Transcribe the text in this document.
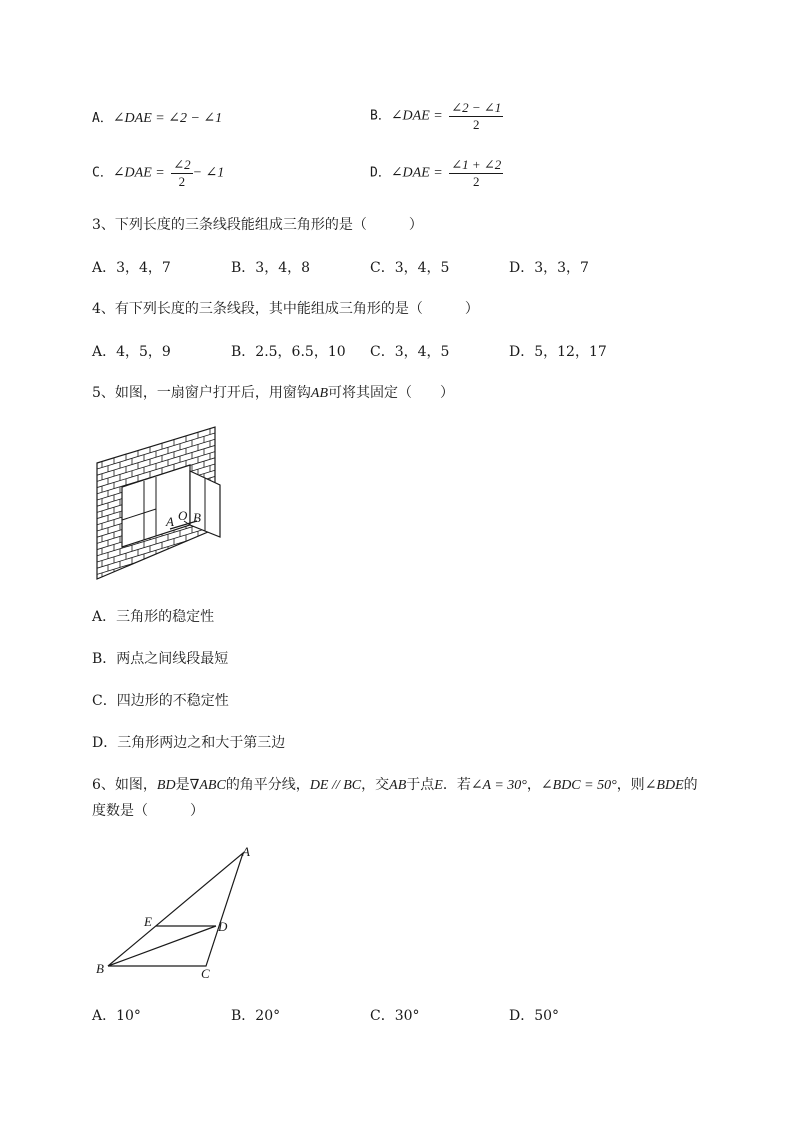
A．∠DAE = ∠2 − ∠1	B．∠DAE = $\frac{\angle 2 - \angle 1}{2}$
C．∠DAE = $\frac{\angle 2}{2}$ − ∠1	D．∠DAE = $\frac{\angle 1 + \angle 2}{2}$
3、下列长度的三条线段能组成三角形的是（　　　）
A．3，4，7	B．3，4，8	C．3，4，5	D．3，3，7
4、有下列长度的三条线段，其中能组成三角形的是（　　　）
A．4，5，9	B．2.5，6.5，10 C．3，4，5	D．5，12，17
5、如图，一扇窗户打开后，用窗钩AB可将其固定（　　）
A O B
A．三角形的稳定性
B．两点之间线段最短
C．四边形的不稳定性
D．三角形两边之和大于第三边
6、如图，BD是∇ABC的角平分线，DE // BC，交AB于点E．若∠A = 30°，∠BDC = 50°，则∠BDE的
度数是（　　　）
A
B	C
D
E
A．10°	B．20°	C．30°	D．50°
